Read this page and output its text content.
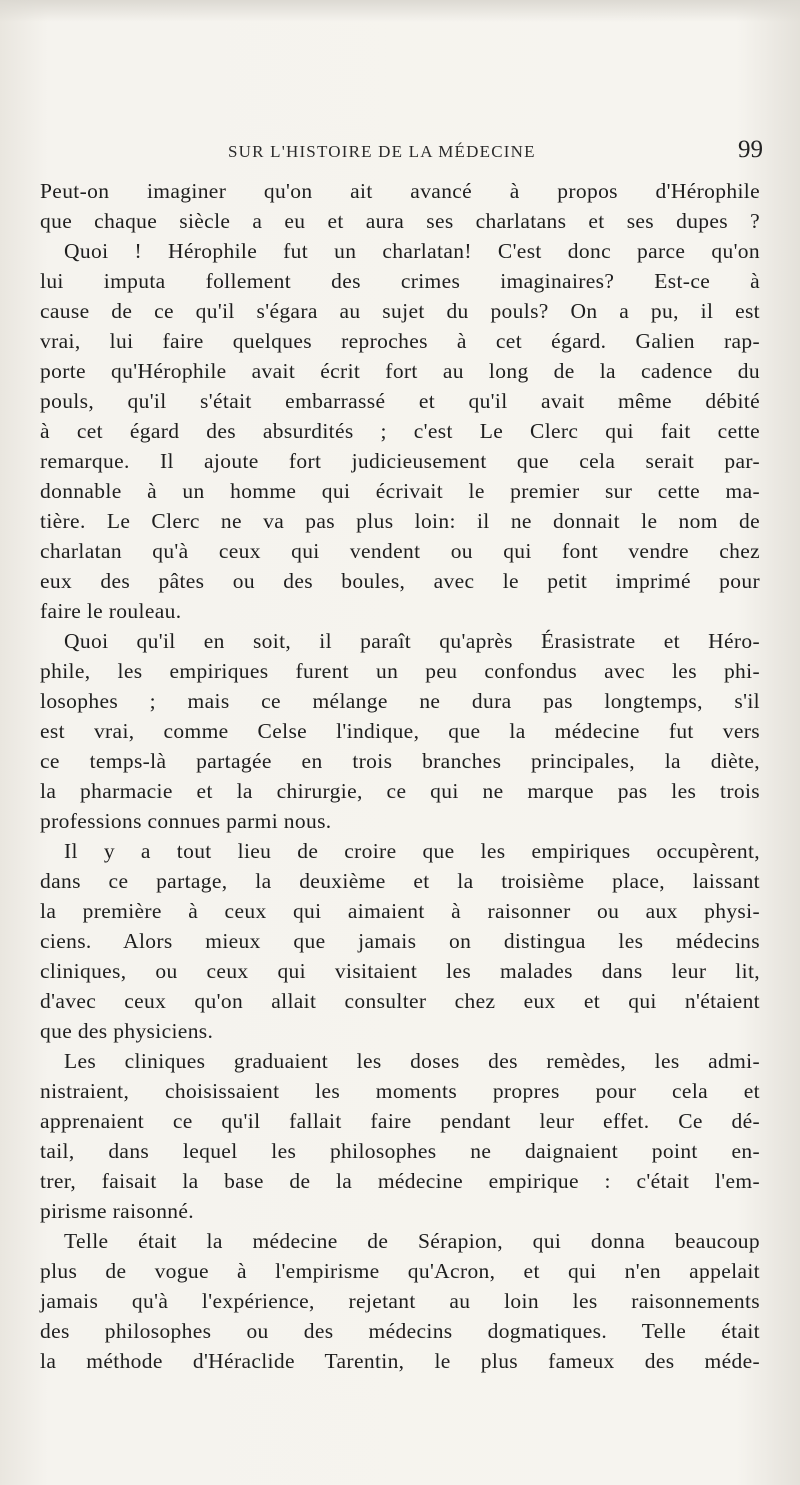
SUR L'HISTOIRE DE LA MÉDECINE	99
Peut-on imaginer qu'on ait avancé à propos d'Hérophile
que chaque siècle a eu et aura ses charlatans et ses dupes ?
Quoi ! Hérophile fut un charlatan! C'est donc parce qu'on
lui imputa follement des crimes imaginaires? Est-ce à
cause de ce qu'il s'égara au sujet du pouls? On a pu, il est
vrai, lui faire quelques reproches à cet égard. Galien rap-
porte qu'Hérophile avait écrit fort au long de la cadence du
pouls, qu'il s'était embarrassé et qu'il avait même débité
à cet égard des absurdités ; c'est Le Clerc qui fait cette
remarque. Il ajoute fort judicieusement que cela serait par-
donnable à un homme qui écrivait le premier sur cette ma-
tière. Le Clerc ne va pas plus loin: il ne donnait le nom de
charlatan qu'à ceux qui vendent ou qui font vendre chez
eux des pâtes ou des boules, avec le petit imprimé pour
faire le rouleau.
Quoi qu'il en soit, il paraît qu'après Érasistrate et Héro-
phile, les empiriques furent un peu confondus avec les phi-
losophes ; mais ce mélange ne dura pas longtemps, s'il
est vrai, comme Celse l'indique, que la médecine fut vers
ce temps-là partagée en trois branches principales, la diète,
la pharmacie et la chirurgie, ce qui ne marque pas les trois
professions connues parmi nous.
Il y a tout lieu de croire que les empiriques occupèrent,
dans ce partage, la deuxième et la troisième place, laissant
la première à ceux qui aimaient à raisonner ou aux physi-
ciens. Alors mieux que jamais on distingua les médecins
cliniques, ou ceux qui visitaient les malades dans leur lit,
d'avec ceux qu'on allait consulter chez eux et qui n'étaient
que des physiciens.
Les cliniques graduaient les doses des remèdes, les admi-
nistraient, choisissaient les moments propres pour cela et
apprenaient ce qu'il fallait faire pendant leur effet. Ce dé-
tail, dans lequel les philosophes ne daignaient point en-
trer, faisait la base de la médecine empirique : c'était l'em-
pirisme raisonné.
Telle était la médecine de Sérapion, qui donna beaucoup
plus de vogue à l'empirisme qu'Acron, et qui n'en appelait
jamais qu'à l'expérience, rejetant au loin les raisonnements
des philosophes ou des médecins dogmatiques. Telle était
la méthode d'Héraclide Tarentin, le plus fameux des méde-
